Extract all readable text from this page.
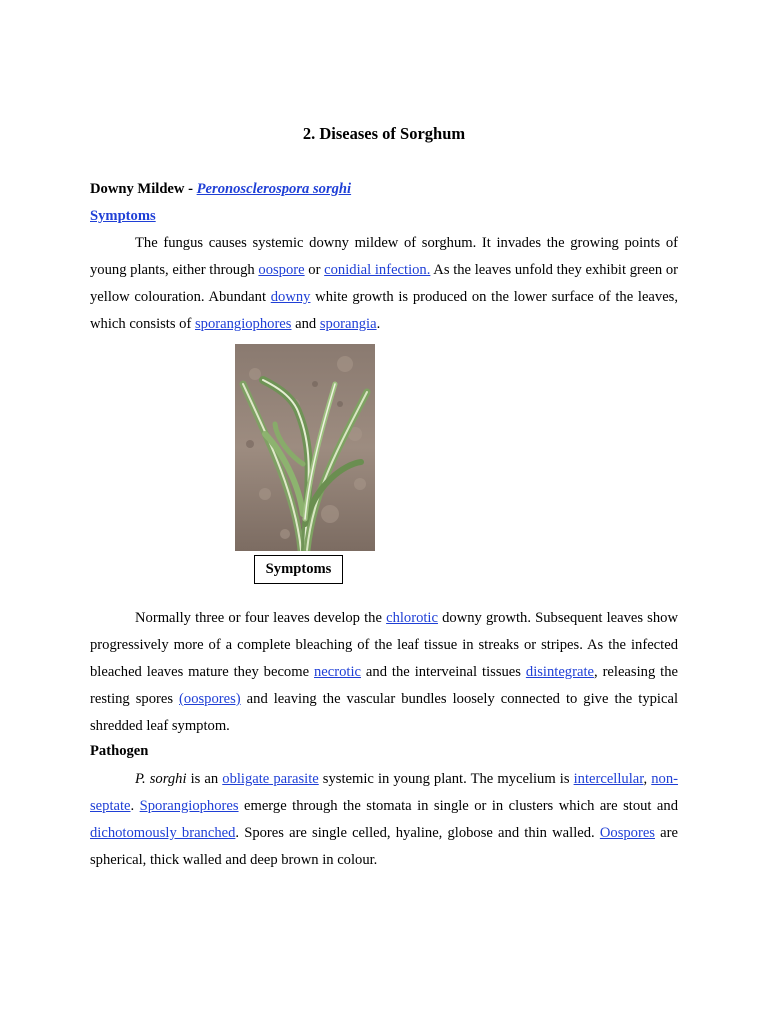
2. Diseases of Sorghum

Downy Mildew - Peronosclerospora sorghi

Symptoms

The fungus causes systemic downy mildew of sorghum. It invades the growing points of young plants, either through oospore or conidial infection. As the leaves unfold they exhibit green or yellow colouration. Abundant downy white growth is produced on the lower surface of the leaves, which consists of sporangiophores and sporangia.

Symptoms

Normally three or four leaves develop the chlorotic downy growth. Subsequent leaves show progressively more of a complete bleaching of the leaf tissue in streaks or stripes. As the infected bleached leaves mature they become necrotic and the interveinal tissues disintegrate, releasing the resting spores (oospores) and leaving the vascular bundles loosely connected to give the typical shredded leaf symptom.

Pathogen

P. sorghi is an obligate parasite systemic in young plant. The mycelium is intercellular, non-septate. Sporangiophores emerge through the stomata in single or in clusters which are stout and dichotomously branched. Spores are single celled, hyaline, globose and thin walled. Oospores are spherical, thick walled and deep brown in colour.
